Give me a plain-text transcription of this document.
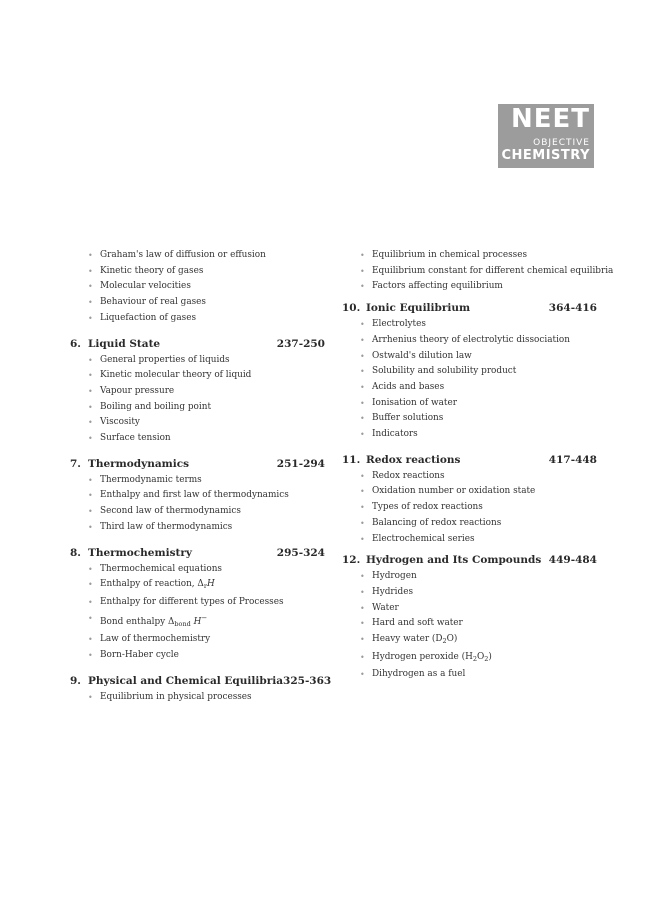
NEET
OBJECTIVE
CHEMISTRY
• Graham's law of diffusion or effusion
• Kinetic theory of gases
• Molecular velocities
• Behaviour of real gases
• Liquefaction of gases
6. Liquid State	237-250
• General properties of liquids
• Kinetic molecular theory of liquid
• Vapour pressure
• Boiling and boiling point
• Viscosity
• Surface tension
7. Thermodynamics	251-294
• Thermodynamic terms
• Enthalpy and first law of thermodynamics
• Second law of thermodynamics
• Third law of thermodynamics
8. Thermochemistry	295-324
• Thermochemical equations
• Enthalpy of reaction, $\Delta_rH$
• Enthalpy for different types of Processes
• Bond enthalpy $\Delta_{bond}$ H−
• Law of thermochemistry
• Born-Haber cycle
9. Physical and Chemical Equilibria 325-363
• Equilibrium in physical processes
• Equilibrium in chemical processes
• Equilibrium constant for different chemical equilibria
• Factors affecting equilibrium
10. Ionic Equilibrium	364-416
• Electrolytes
• Arrhenius theory of electrolytic dissociation
• Ostwald's dilution law
• Solubility and solubility product
• Acids and bases
• Ionisation of water
• Buffer solutions
• Indicators
11. Redox reactions	417-448
• Redox reactions
• Oxidation number or oxidation state
• Types of redox reactions
• Balancing of redox reactions
• Electrochemical series
12. Hydrogen and Its Compounds 449-484
• Hydrogen
• Hydrides
• Water
• Hard and soft water
• Heavy water $(D_2O)$
• Hydrogen peroxide $(H_2O_2)$
• Dihydrogen as a fuel
